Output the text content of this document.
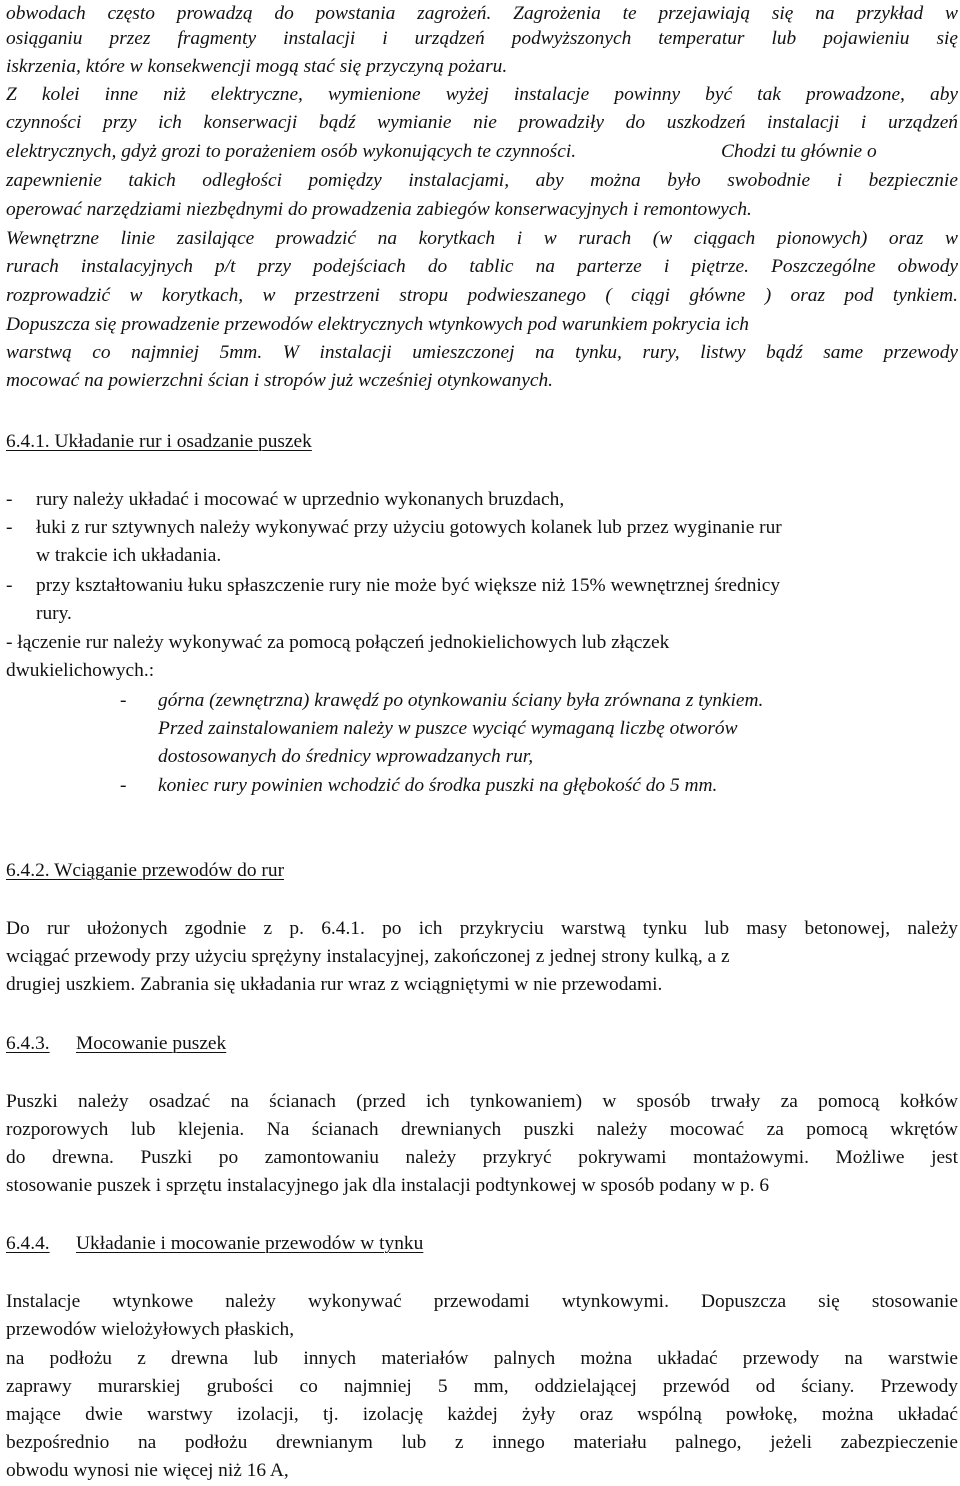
obwodach często prowadzą do powstania zagrożeń. Zagrożenia te przejawiają się na przykład w
osiąganiu przez fragmenty instalacji i urządzeń podwyższonych temperatur lub pojawieniu się
iskrzenia, które w konsekwencji mogą stać się przyczyną pożaru.
Z kolei inne niż elektryczne, wymienione wyżej instalacje powinny być tak prowadzone, aby
czynności przy ich konserwacji bądź wymianie nie prowadziły do uszkodzeń instalacji i urządzeń
elektrycznych, gdyż grozi to porażeniem osób wykonujących te czynności.	Chodzi tu głównie o
zapewnienie takich odległości pomiędzy instalacjami, aby można było swobodnie i bezpiecznie
operować narzędziami niezbędnymi do prowadzenia zabiegów konserwacyjnych i remontowych.
Wewnętrzne linie zasilające prowadzić na korytkach i w rurach (w ciągach pionowych) oraz w
rurach instalacyjnych p/t przy podejściach do tablic na parterze i piętrze. Poszczególne obwody
rozprowadzić w korytkach, w przestrzeni stropu podwieszanego ( ciągi główne ) oraz pod tynkiem.
Dopuszcza się prowadzenie przewodów elektrycznych wtynkowych pod warunkiem pokrycia ich
warstwą co najmniej 5mm. W instalacji umieszczonej na tynku, rury, listwy bądź same przewody
mocować na powierzchni ścian i stropów już wcześniej otynkowanych.
6.4.1. Układanie rur i osadzanie puszek
- rury należy układać i mocować w uprzednio wykonanych bruzdach,
- łuki z rur sztywnych należy wykonywać przy użyciu gotowych kolanek lub przez wyginanie rur
w trakcie ich układania.
- przy kształtowaniu łuku spłaszczenie rury nie może być większe niż 15% wewnętrznej średnicy
rury.
- łączenie rur należy wykonywać za pomocą połączeń jednokielichowych lub złączek
dwukielichowych.:
- górna (zewnętrzna) krawędź po otynkowaniu ściany była zrównana z tynkiem.
Przed zainstalowaniem należy w puszce wyciąć wymaganą liczbę otworów
dostosowanych do średnicy wprowadzanych rur,
- koniec rury powinien wchodzić do środka puszki na głębokość do 5 mm.
6.4.2. Wciąganie przewodów do rur
Do rur ułożonych zgodnie z p. 6.4.1. po ich przykryciu warstwą tynku lub masy betonowej, należy
wciągać przewody przy użyciu sprężyny instalacyjnej, zakończonej z jednej strony kulką, a z
drugiej uszkiem. Zabrania się układania rur wraz z wciągniętymi w nie przewodami.
6.4.3. Mocowanie puszek
Puszki należy osadzać na ścianach (przed ich tynkowaniem) w sposób trwały za pomocą kołków
rozporowych lub klejenia. Na ścianach drewnianych puszki należy mocować za pomocą wkrętów
do drewna. Puszki po zamontowaniu należy przykryć pokrywami montażowymi. Możliwe jest
stosowanie puszek i sprzętu instalacyjnego jak dla instalacji podtynkowej w sposób podany w p. 6
6.4.4. Układanie i mocowanie przewodów w tynku
Instalacje wtynkowe należy wykonywać przewodami wtynkowymi. Dopuszcza się stosowanie
przewodów wielożyłowych płaskich,
na podłożu z drewna lub innych materiałów palnych można układać przewody na warstwie
zaprawy murarskiej grubości co najmniej 5 mm, oddzielającej przewód od ściany. Przewody
mające dwie warstwy izolacji, tj. izolację każdej żyły oraz wspólną powłokę, można układać
bezpośrednio na podłożu drewnianym lub z innego materiału palnego, jeżeli zabezpieczenie
obwodu wynosi nie więcej niż 16 A,
